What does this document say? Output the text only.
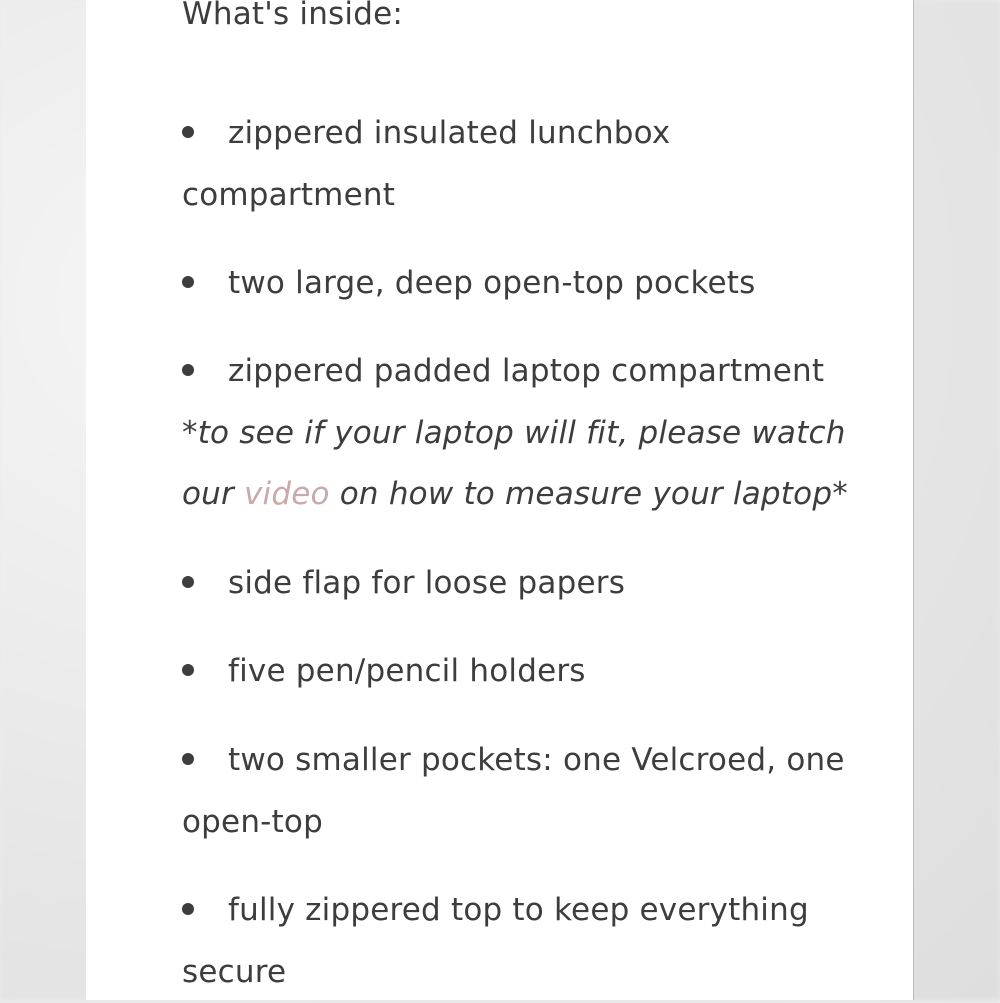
What's inside:

zippered insulated lunchbox compartment

two large, deep open-top pockets

zippered padded laptop compartment *to see if your laptop will fit, please watch our video on how to measure your laptop*

side flap for loose papers

five pen/pencil holders

two smaller pockets: one Velcroed, one open-top

fully zippered top to keep everything secure
